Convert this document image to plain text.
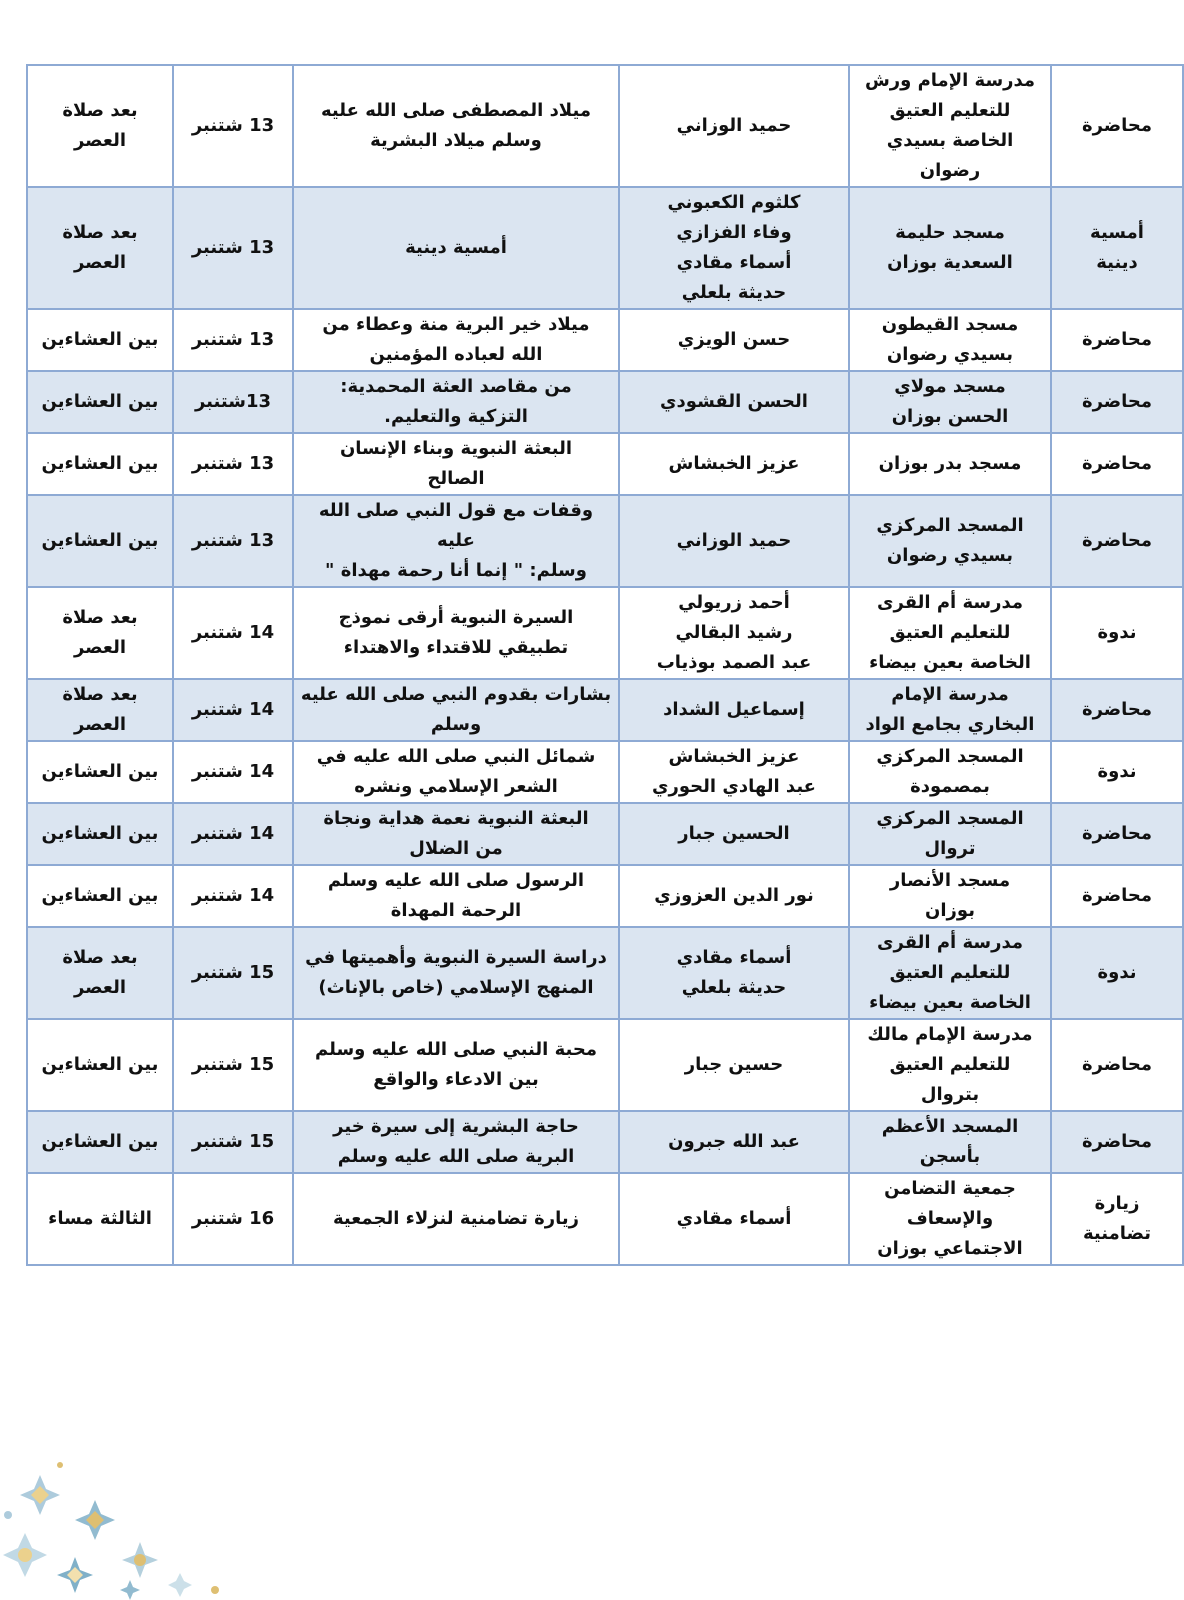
محاضرة	مدرسة الإمام ورش
للتعليم العتيق
الخاصة بسيدي
رضوان	حميد الوزاني	ميلاد المصطفى صلى الله عليه
وسلم ميلاد البشرية	13 شتنبر	بعد صلاة
العصر
أمسية
دينية	مسجد حليمة
السعدية بوزان	كلثوم الكعبوني
وفاء الفزازي
أسماء مقادي
حديثة بلعلي	أمسية دينية	13 شتنبر	بعد صلاة
العصر
محاضرة	مسجد القيطون
بسيدي رضوان	حسن الويزي	ميلاد خير البرية منة وعطاء من
الله لعباده المؤمنين	13 شتنبر	بين العشاءين
محاضرة	مسجد مولاي
الحسن بوزان	الحسن القشودي	من مقاصد العثة المحمدية:
التزكية والتعليم.	13شتنبر	بين العشاءين
محاضرة	مسجد بدر بوزان	عزيز الخبشاش	البعثة النبوية وبناء الإنسان
الصالح	13 شتنبر	بين العشاءين
محاضرة	المسجد المركزي
بسيدي رضوان	حميد الوزاني	وقفات مع قول النبي صلى الله عليه
وسلم: " إنما أنا رحمة مهداة "	13 شتنبر	بين العشاءين
ندوة	مدرسة أم القرى
للتعليم العتيق
الخاصة بعين بيضاء	أحمد زريولي
رشيد البقالي
عبد الصمد بوذياب	السيرة النبوية أرقى نموذج
تطبيقي للاقتداء والاهتداء	14 شتنبر	بعد صلاة
العصر
محاضرة	مدرسة الإمام
البخاري بجامع الواد	إسماعيل الشداد	بشارات بقدوم النبي صلى الله عليه
وسلم	14 شتنبر	بعد صلاة
العصر
ندوة	المسجد المركزي
بمصمودة	عزيز الخبشاش
عبد الهادي الحوري	شمائل النبي صلى الله عليه في
الشعر الإسلامي ونشره	14 شتنبر	بين العشاءين
محاضرة	المسجد المركزي
تروال	الحسين جبار	البعثة النبوية نعمة هداية ونجاة
من الضلال	14 شتنبر	بين العشاءين
محاضرة	مسجد الأنصار
بوزان	نور الدين العزوزي	الرسول صلى الله عليه وسلم
الرحمة المهداة	14 شتنبر	بين العشاءين
ندوة	مدرسة أم القرى
للتعليم العتيق
الخاصة بعين بيضاء	أسماء مقادي
حديثة بلعلي	دراسة السيرة النبوية وأهميتها في
المنهج الإسلامي (خاص بالإناث)	15 شتنبر	بعد صلاة
العصر
محاضرة	مدرسة الإمام مالك
للتعليم العتيق
بتروال	حسين جبار	محبة النبي صلى الله عليه وسلم
بين الادعاء والواقع	15 شتنبر	بين العشاءين
محاضرة	المسجد الأعظم
بأسجن	عبد الله جبرون	حاجة البشرية إلى سيرة خير
البرية صلى الله عليه وسلم	15 شتنبر	بين العشاءين
زيارة
تضامنية	جمعية التضامن
والإسعاف
الاجتماعي بوزان	أسماء مقادي	زيارة تضامنية لنزلاء الجمعية	16 شتنبر	الثالثة مساء
